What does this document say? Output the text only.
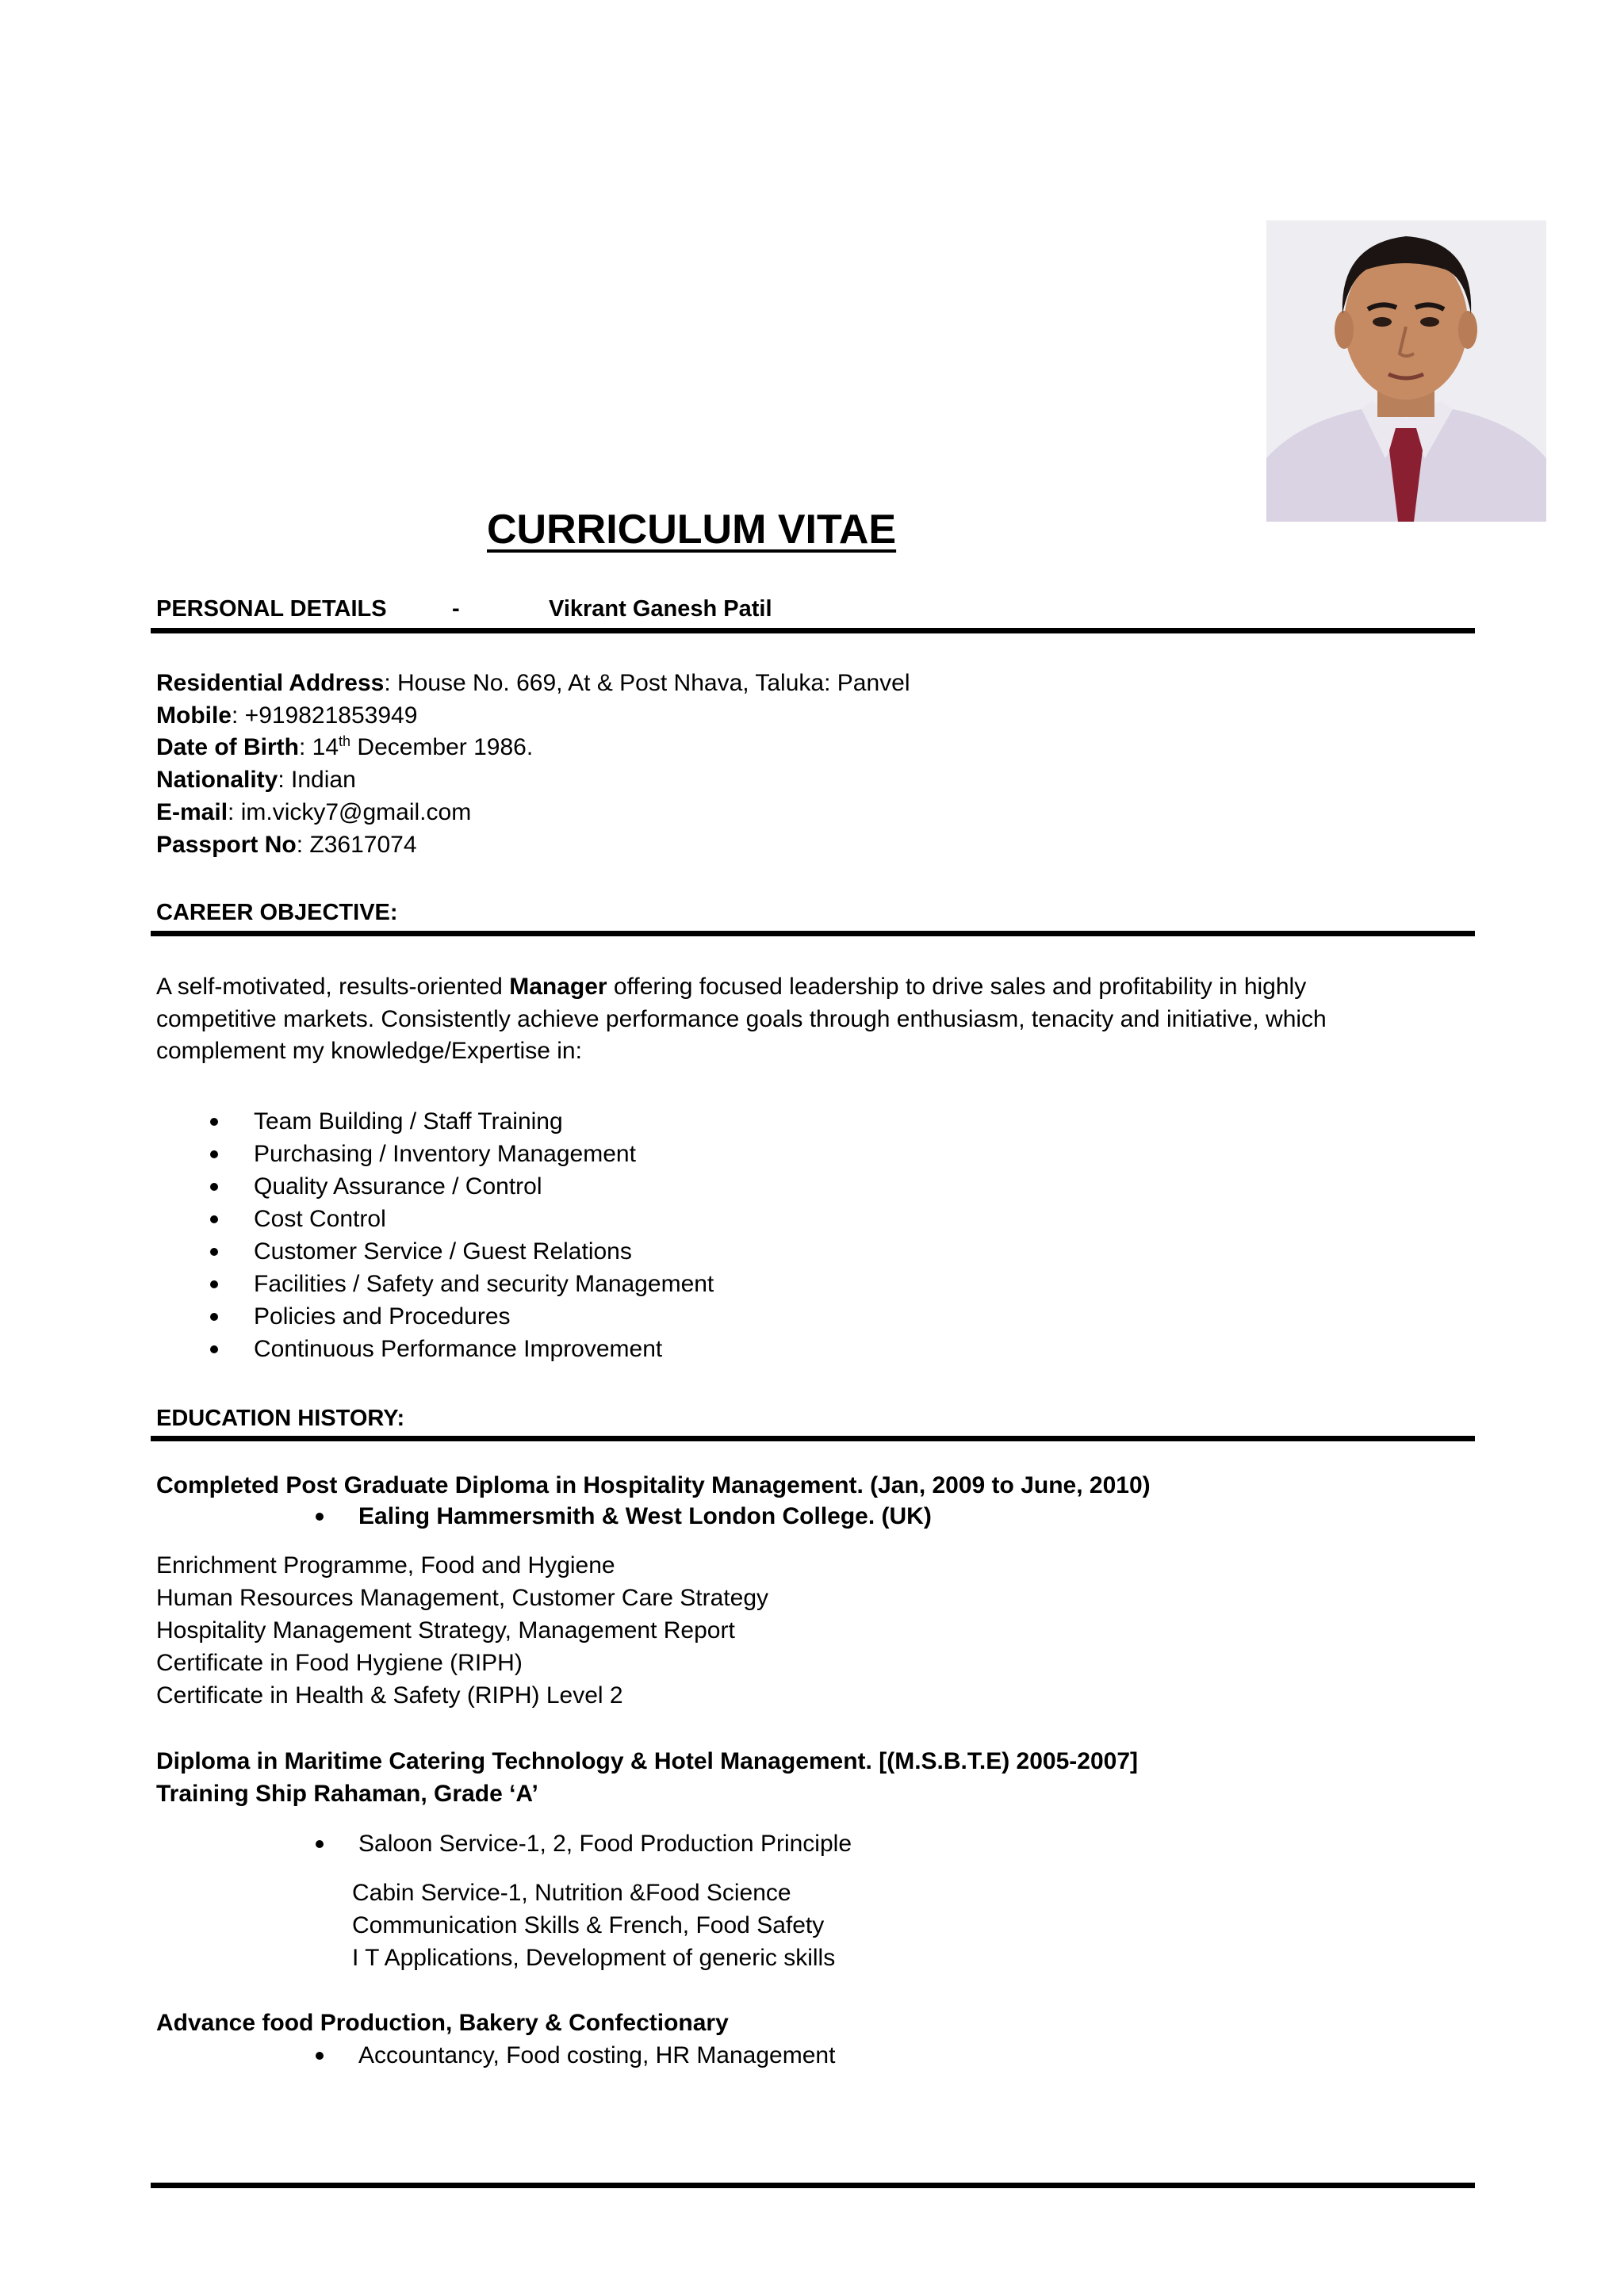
CURRICULUM VITAE
PERSONAL DETAILS	-	Vikrant Ganesh Patil
Residential Address: House No. 669, At & Post Nhava, Taluka: Panvel
Mobile: +919821853949
Date of Birth: 14th December 1986.
Nationality: Indian
E-mail: im.vicky7@gmail.com
Passport No: Z3617074
CAREER OBJECTIVE:
A self-motivated, results-oriented Manager offering focused leadership to drive sales and profitability in highly
competitive markets. Consistently achieve performance goals through enthusiasm, tenacity and initiative, which
complement my knowledge/Expertise in:
Team Building / Staff Training
Purchasing / Inventory Management
Quality Assurance / Control
Cost Control
Customer Service / Guest Relations
Facilities / Safety and security Management
Policies and Procedures
Continuous Performance Improvement
EDUCATION HISTORY:
Completed Post Graduate Diploma in Hospitality Management. (Jan, 2009 to June, 2010)
Ealing Hammersmith & West London College. (UK)
Enrichment Programme, Food and Hygiene
Human Resources Management, Customer Care Strategy
Hospitality Management Strategy, Management Report
Certificate in Food Hygiene (RIPH)
Certificate in Health & Safety (RIPH) Level 2
Diploma in Maritime Catering Technology & Hotel Management. [(M.S.B.T.E) 2005-2007]
Training Ship Rahaman, Grade ‘A’
Saloon Service-1, 2, Food Production Principle
Cabin Service-1, Nutrition &Food Science
Communication Skills & French, Food Safety
I T Applications, Development of generic skills
Advance food Production, Bakery & Confectionary
Accountancy, Food costing, HR Management
